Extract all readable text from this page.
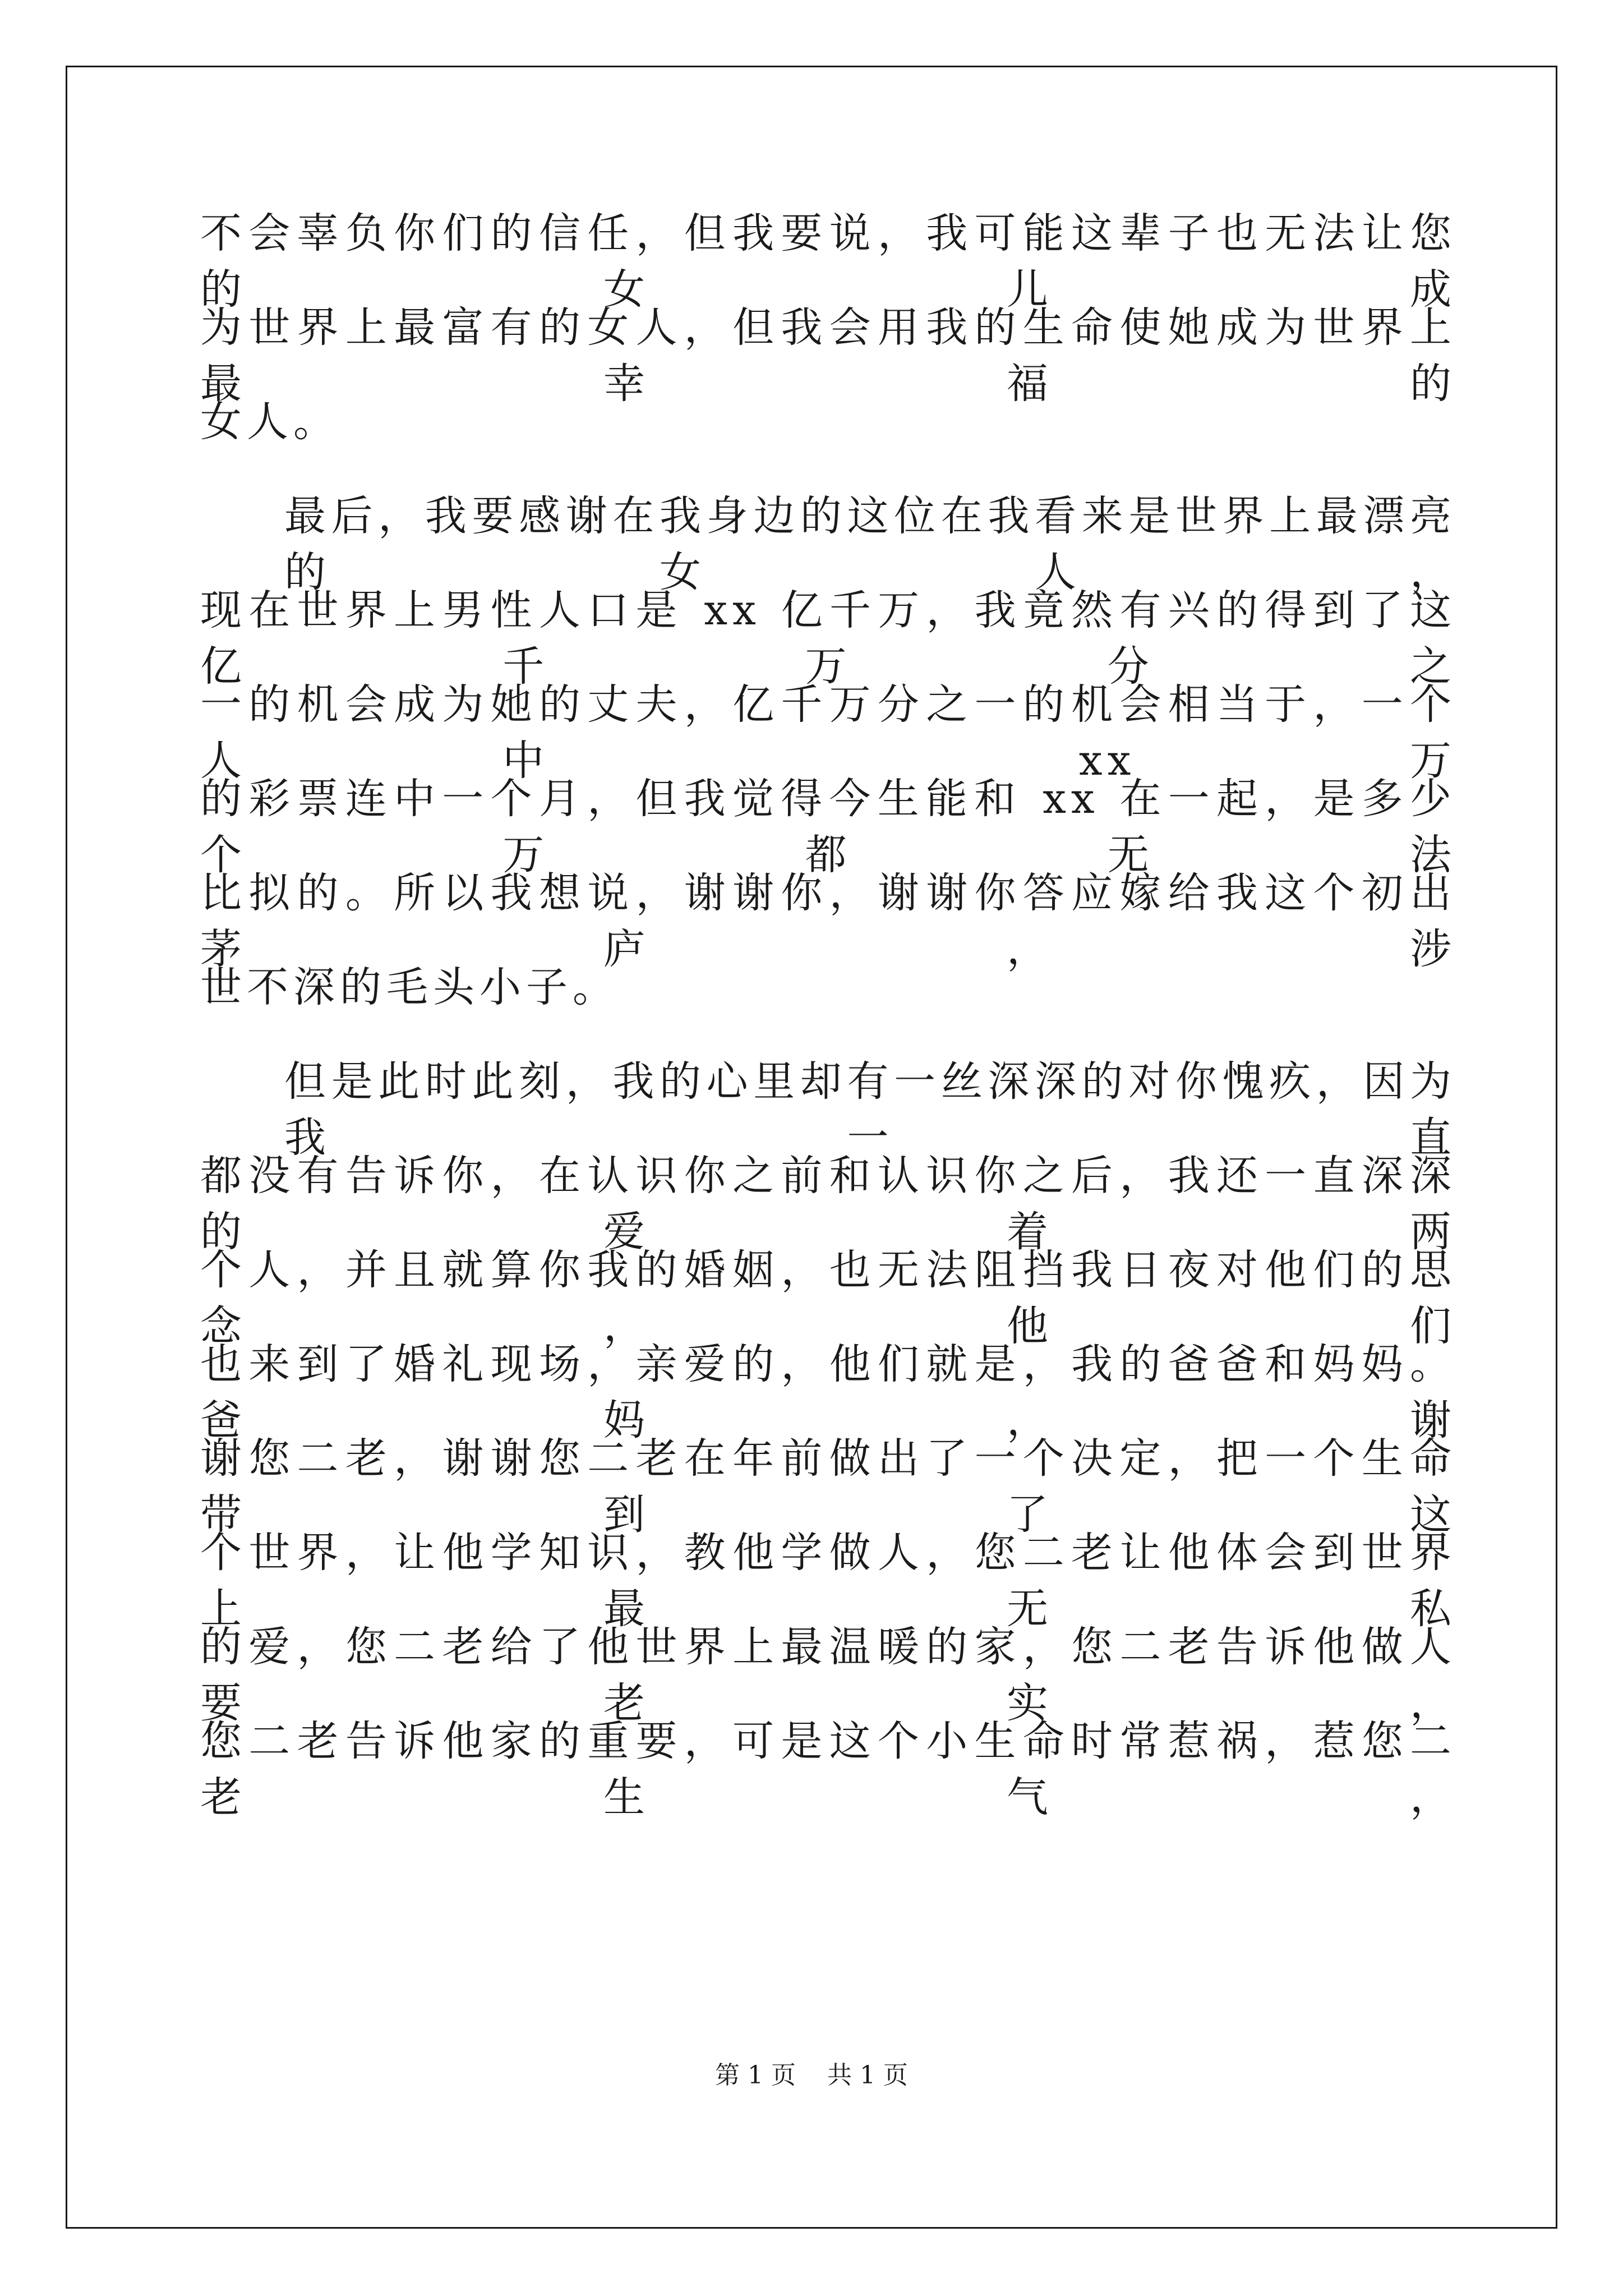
不会辜负你们的信任，但我要说，我可能这辈子也无法让您的女儿成
为世界上最富有的女人，但我会用我的生命使她成为世界上最幸福的
女人。
最后，我要感谢在我身边的这位在我看来是世界上最漂亮的女人，
现在世界上男性人口是 xx 亿千万，我竟然有兴的得到了这亿千万分之
一的机会成为她的丈夫，亿千万分之一的机会相当于，一个人中 xx 万
的彩票连中一个月，但我觉得今生能和 xx 在一起，是多少个万都无法
比拟的。所以我想说，谢谢你，谢谢你答应嫁给我这个初出茅庐，涉
世不深的毛头小子。
但是此时此刻，我的心里却有一丝深深的对你愧疚，因为我一直
都没有告诉你，在认识你之前和认识你之后，我还一直深深的爱着两
个人，并且就算你我的婚姻，也无法阻挡我日夜对他们的思念，他们
也来到了婚礼现场，亲爱的，他们就是，我的爸爸和妈妈。爸妈，谢
谢您二老，谢谢您二老在年前做出了一个决定，把一个生命带到了这
个世界，让他学知识，教他学做人，您二老让他体会到世界上最无私
的爱，您二老给了他世界上最温暖的家，您二老告诉他做人要老实，
您二老告诉他家的重要，可是这个小生命时常惹祸，惹您二老生气，
第 1 页    共 1 页
